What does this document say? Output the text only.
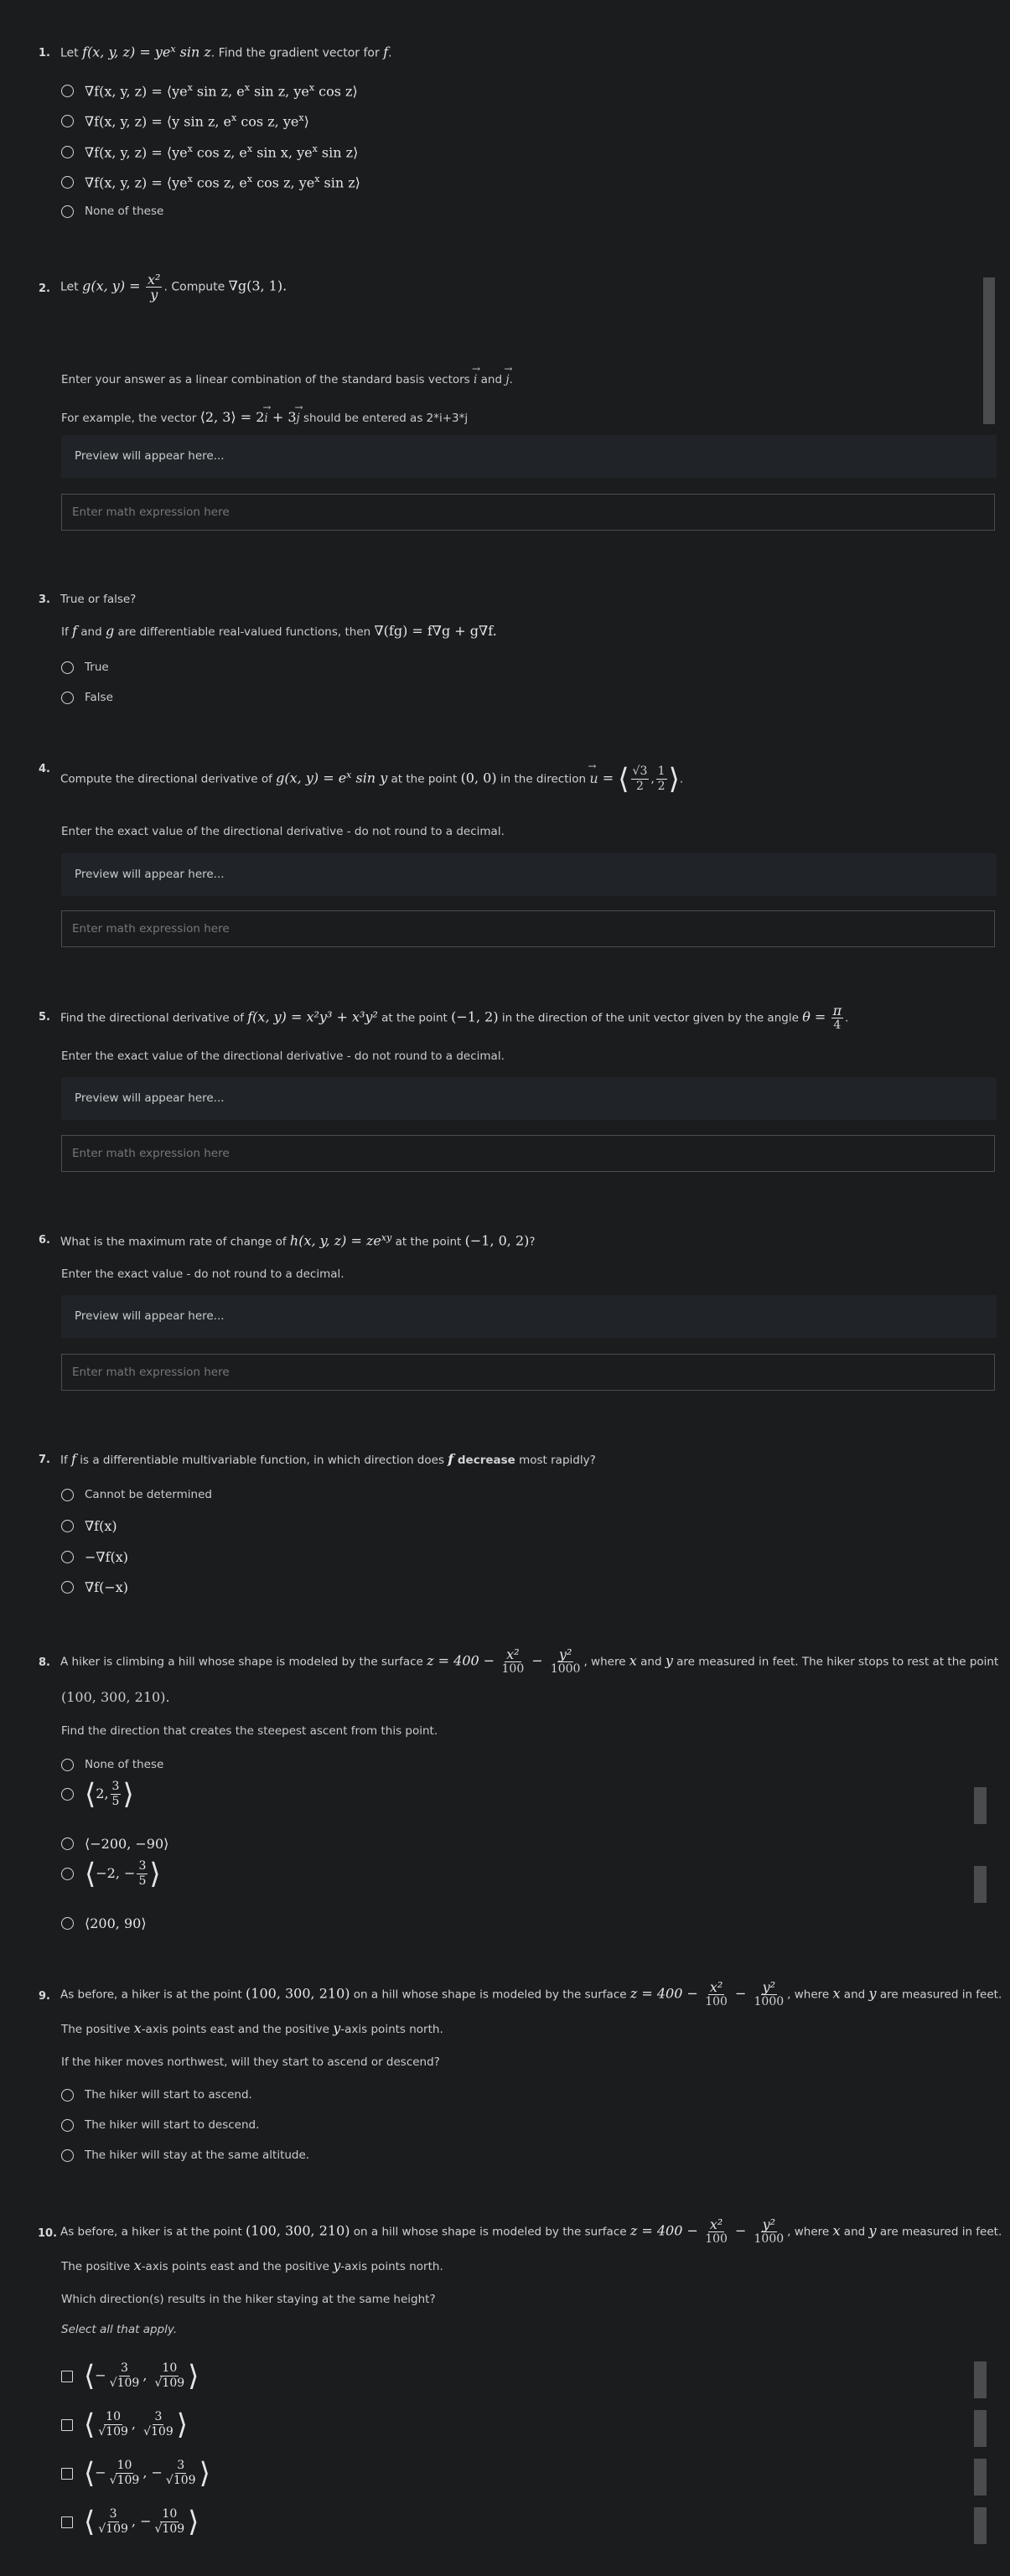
1. Let f(x, y, $z) = ye^x$ sin z. Find the gradient vector for f.
∇f(x, y, $z) = ⟨ye^x$ sin z, $e^x$ sin z, $ye^x$ cos z⟩
∇f(x, y, z) = ⟨y sin z, $e^x$ cos z, $ye^x⟩$
∇f(x, y, $z) = ⟨ye^x$ cos z, $e^x$ sin x, $ye^x$ sin z⟩
∇f(x, y, $z) = ⟨ye^x$ cos z, $e^x$ cos z, $ye^x$ sin z⟩
None of these
2. Let g(x, $y) = \frac{\text{x²}}{y}$ . Compute ∇g(3, 1).
Enter your answer as a linear combination of the standard basis vectors → i and → j.
For example, the vector ⟨2, 3⟩ = 2→ i + 3→ j should be entered as 2*i+3*j
Preview will appear here...
Enter math expression here
3. True or false?
If f and g are differentiable real-valued functions, then ∇(fg) = f∇g + g∇f.
True
False
4.
Compute the directional derivative of g(x, $y) = e^x$ sin y at the point (0, 0) in the direction → u = ⟨ $\frac{√3}{2}$ , $\frac{1}{2}$ ⟩.
Enter the exact value of the directional derivative - do not round to a decimal.
Preview will appear here...
Enter math expression here
5. Find the directional derivative of f(x, y) = x²y³ + x³y² at the point (−1, 2) in the direction of the unit vector given by the angle $\theta = \frac{\pi}{4}$ .
Enter the exact value of the directional derivative - do not round to a decimal.
Preview will appear here...
Enter math expression here
6. What is the maximum rate of change of h(x, y, $z) = ze^{xy}$ at the point (−1, 0, 2)?
Enter the exact value - do not round to a decimal.
Preview will appear here...
Enter math expression here
7. If f is a differentiable multivariable function, in which direction does f decrease most rapidly?
Cannot be determined
∇f(x)
−∇f(x)
∇f(−x)
8. A hiker is climbing a hill whose shape is modeled by the surface $z = 400 - \frac{\text{x²}}{100} - \frac{\text{y²}}{1000}$ , where x and y are measured in feet. The hiker stops to rest at the point
(100, 300, 210).
Find the direction that creates the steepest ascent from this point.
None of these
⟨2, $\frac{3}{5}$ ⟩
⟨−200, −90⟩
⟨−2, − $\frac{3}{5}$ ⟩
⟨200, 90⟩
9. As before, a hiker is at the point (100, 300, 210) on a hill whose shape is modeled by the surface $z = 400 - \frac{\text{x²}}{100} - \frac{\text{y²}}{1000}$ , where x and y are measured in feet.
The positive x-axis points east and the positive y-axis points north.
If the hiker moves northwest, will they start to ascend or descend?
The hiker will start to ascend.
The hiker will start to descend.
The hiker will stay at the same altitude.
10. As before, a hiker is at the point (100, 300, 210) on a hill whose shape is modeled by the surface $z = 400 - \frac{\text{x²}}{100} - \frac{\text{y²}}{1000}$ , where x and y are measured in feet.
The positive x-axis points east and the positive y-axis points north.
Which direction(s) results in the hiker staying at the same height?
Select all that apply.
⟨− $\frac{3}{√109}$ , $\frac{10}{√109}$ ⟩
⟨ $\frac{10}{√109}$ , $\frac{3}{√109}$ ⟩
⟨− $\frac{10}{√109}$ , − $\frac{3}{√109}$ ⟩
⟨ $\frac{3}{√109}$ , − $\frac{10}{√109}$ ⟩
